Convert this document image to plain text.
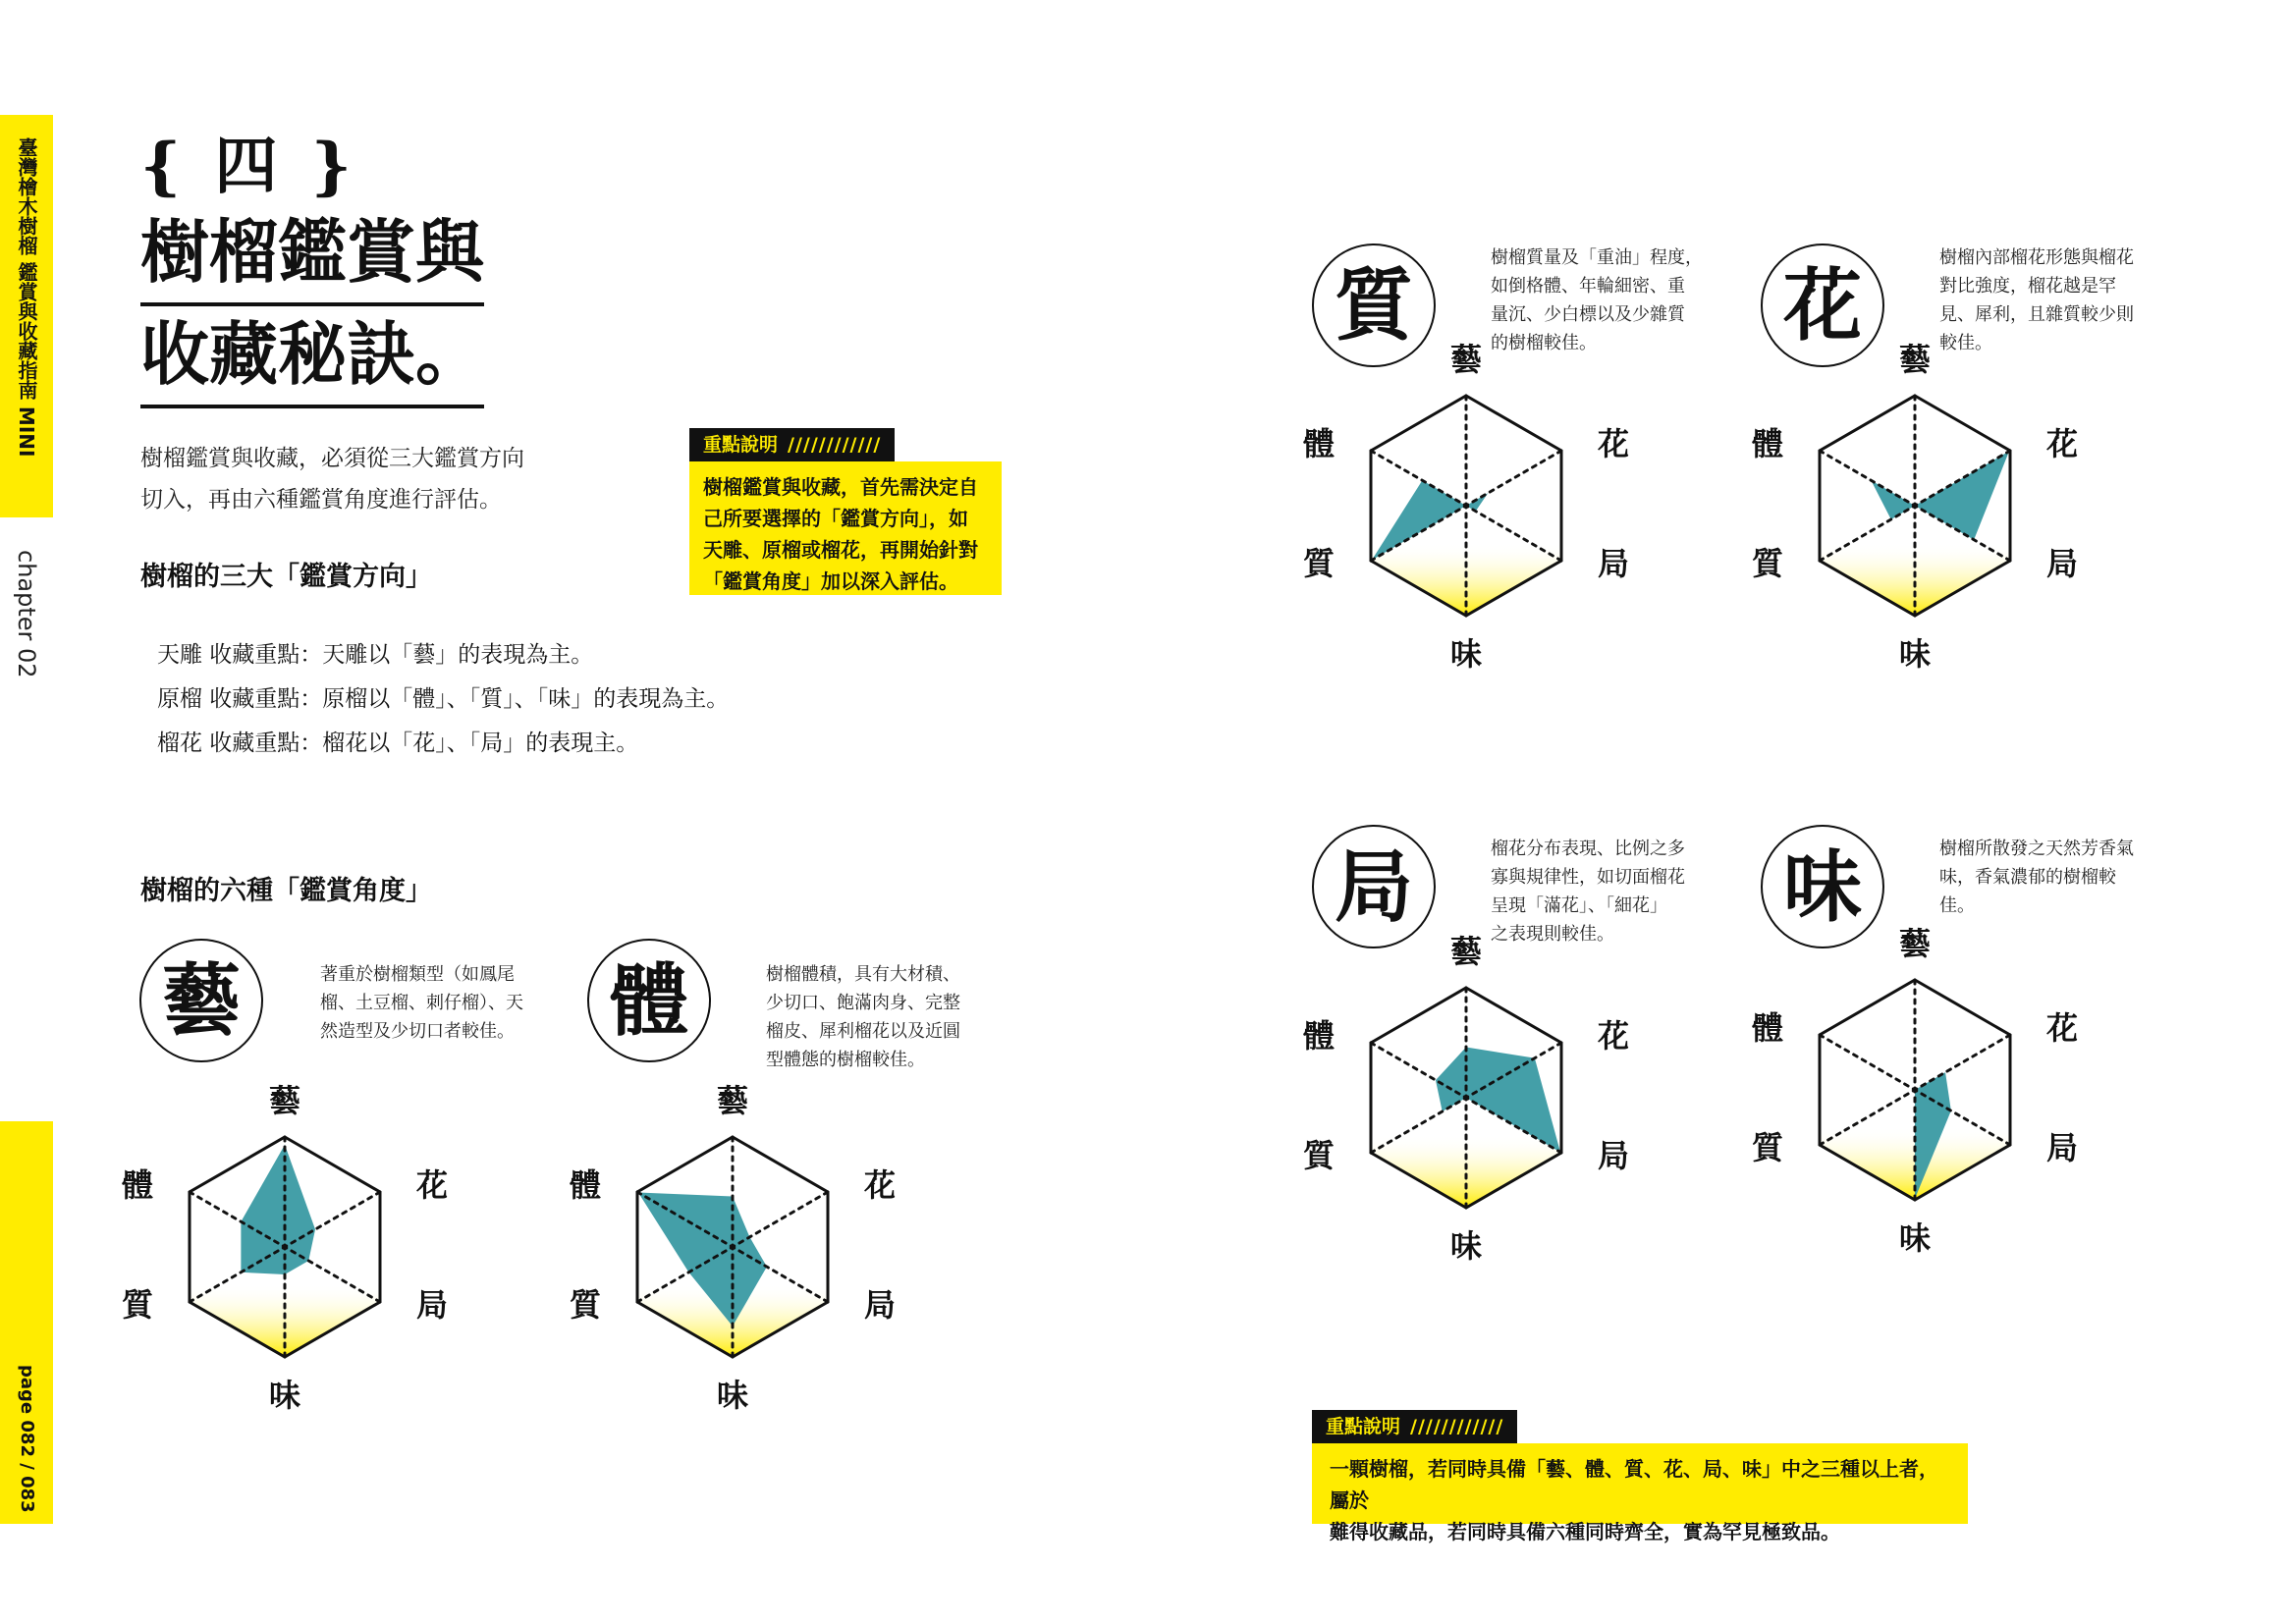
臺灣檜木樹榴 鑑賞與收藏指南 MINI
chapter 02
page 082 / 083
{ 四 }
樹榴鑑賞與
收藏秘訣。
樹榴鑑賞與收藏，必須從三大鑑賞方向
切入，再由六種鑑賞角度進行評估。
樹榴的三大「鑑賞方向」
天雕 收藏重點：天雕以「藝」的表現為主。
原榴 收藏重點：原榴以「體」、「質」、「味」的表現為主。
榴花 收藏重點：榴花以「花」、「局」的表現主。
樹榴的六種「鑑賞角度」
重點說明 ////////////
樹榴鑑賞與收藏，首先需決定自
己所要選擇的「鑑賞方向」，如
天雕、原榴或榴花，再開始針對
「鑑賞角度」加以深入評估。
重點說明 ////////////
一顆樹榴，若同時具備「藝、體、質、花、局、味」中之三種以上者，屬於
難得收藏品，若同時具備六種同時齊全，實為罕見極致品。
藝	著重於樹榴類型（如鳳尾
榴、土豆榴、刺仔榴）、天
然造型及少切口者較佳。
藝
花
局
味
質
體
體	樹榴體積，具有大材積、
少切口、飽滿肉身、完整
榴皮、犀利榴花以及近圓
型體態的樹榴較佳。
藝
花
局
味
質
體
質
樹榴質量及「重油」程度，
如倒格體、年輪細密、重
量沉、少白標以及少雜質
的樹榴較佳。
藝
花
局
味
質
體
花
樹榴內部榴花形態與榴花
對比強度，榴花越是罕
見、犀利，且雜質較少則
較佳。
藝
花
局
味
質
體
局	榴花分布表現、比例之多
寡與規律性，如切面榴花
呈現「滿花」、「細花」
之表現則較佳。
藝
花
局
味
質
體
味	樹榴所散發之天然芳香氣
味，香氣濃郁的樹榴較
佳。
藝
花
局
味
質
體
